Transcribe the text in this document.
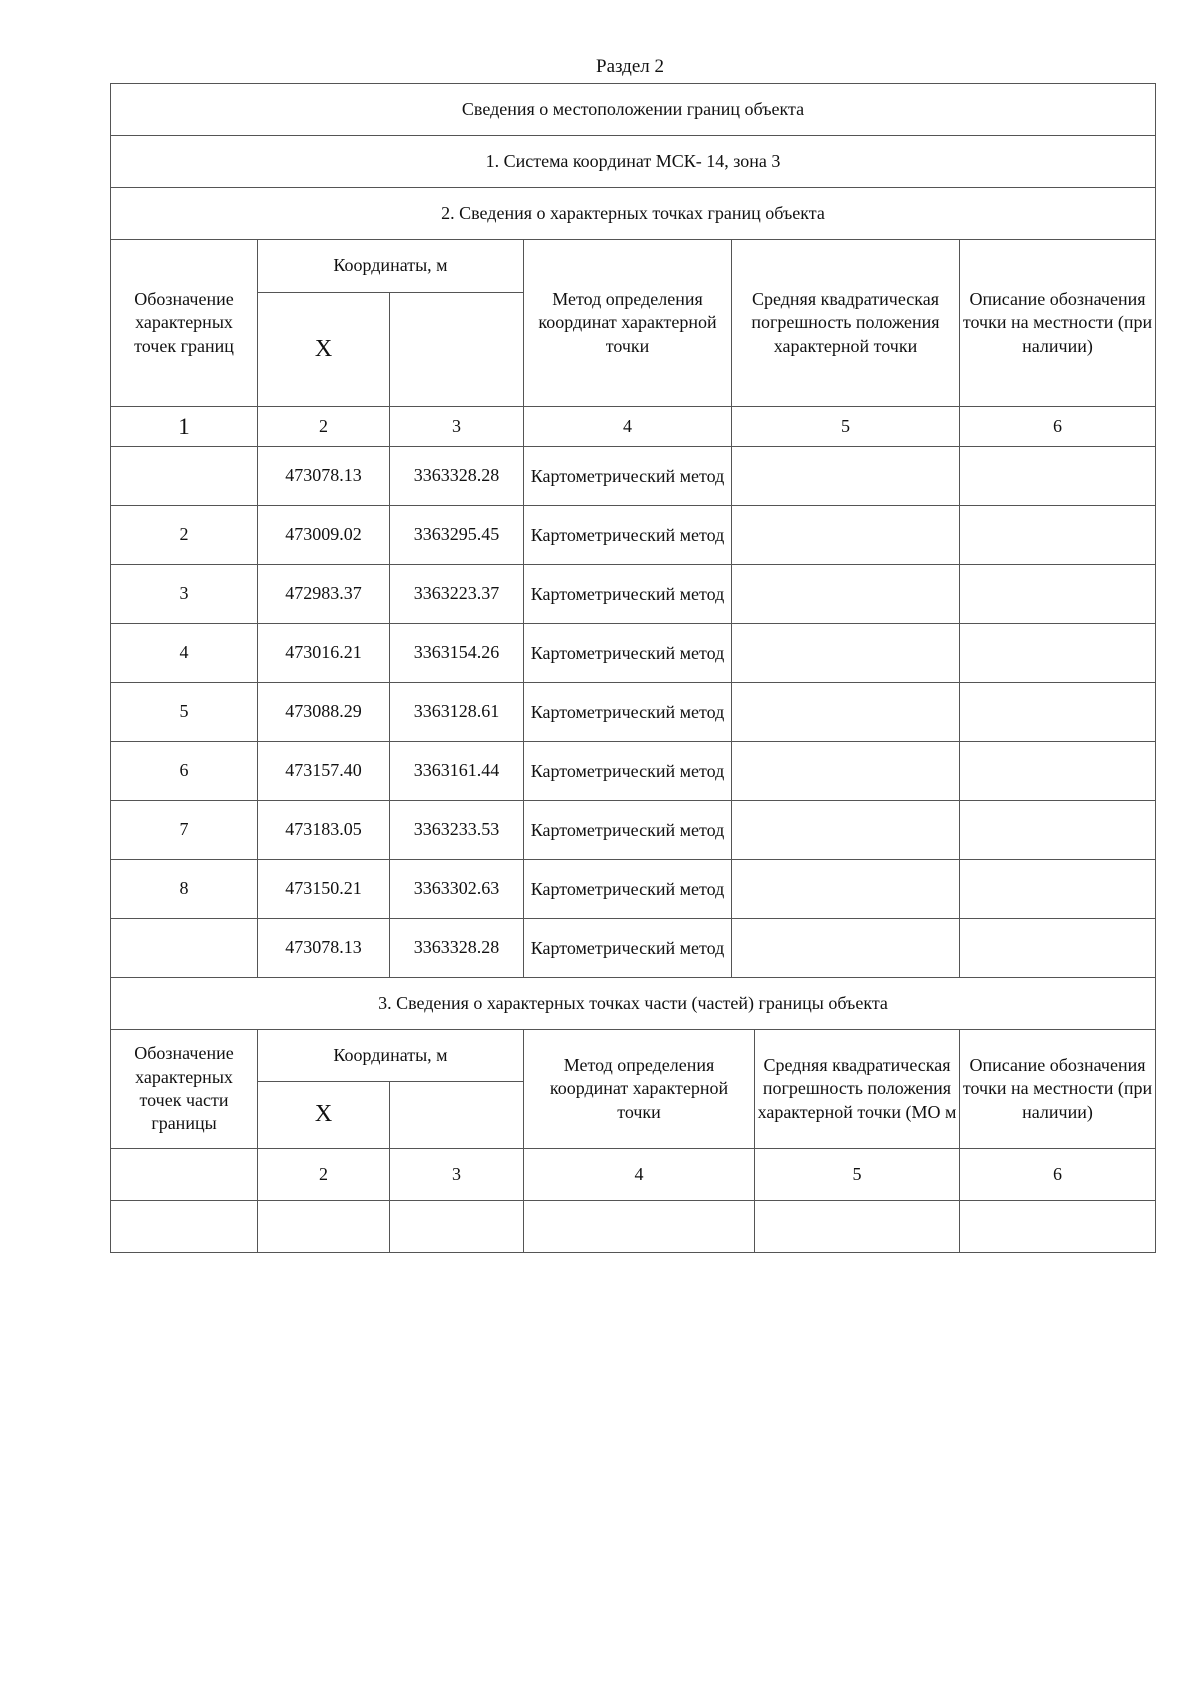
Раздел 2
Сведения о местоположении границ объекта						
1. Система координат МСК- 14, зона 3						
2. Сведения о характерных точках границ объекта						
Обозначение характерных точек границ	Координаты, м		Метод определения координат характерной точки	Средняя квадратическая погрешность положения характерной точки		Описание обозначения точки на местности (при наличии)
	Х					
1	2	3	4	5		6
	473078.13	3363328.28	Картометрический метод			
2	473009.02	3363295.45	Картометрический метод			
3	472983.37	3363223.37	Картометрический метод			
4	473016.21	3363154.26	Картометрический метод			
5	473088.29	3363128.61	Картометрический метод			
6	473157.40	3363161.44	Картометрический метод			
7	473183.05	3363233.53	Картометрический метод			
8	473150.21	3363302.63	Картометрический метод			
	473078.13	3363328.28	Картометрический метод			
3. Сведения о характерных точках части (частей) границы объекта						
Обозначение характерных точек части границы	Координаты, м		Метод определения координат характерной точки		Средняя квадратическая погрешность положения характерной точки (МО м	Описание обозначения точки на местности (при наличии)
	Х					
	2	3	4		5	6
